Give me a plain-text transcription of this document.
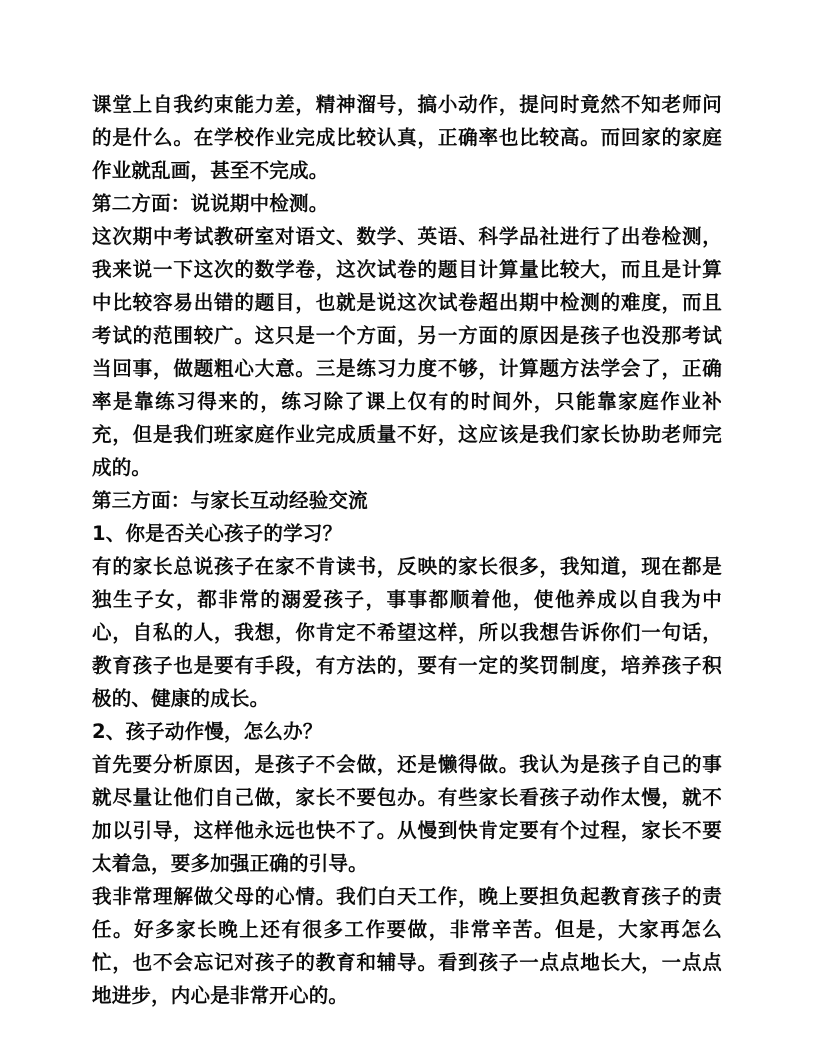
课堂上自我约束能力差，精神溜号，搞小动作，提问时竟然不知老师问的是什么。在学校作业完成比较认真，正确率也比较高。而回家的家庭作业就乱画，甚至不完成。

第二方面：说说期中检测。

这次期中考试教研室对语文、数学、英语、科学品社进行了出卷检测，我来说一下这次的数学卷，这次试卷的题目计算量比较大，而且是计算中比较容易出错的题目，也就是说这次试卷超出期中检测的难度，而且考试的范围较广。这只是一个方面，另一方面的原因是孩子也没那考试当回事，做题粗心大意。三是练习力度不够，计算题方法学会了，正确率是靠练习得来的，练习除了课上仅有的时间外，只能靠家庭作业补充，但是我们班家庭作业完成质量不好，这应该是我们家长协助老师完成的。

第三方面：与家长互动经验交流

1、你是否关心孩子的学习？

有的家长总说孩子在家不肯读书，反映的家长很多，我知道，现在都是独生子女，都非常的溺爱孩子，事事都顺着他，使他养成以自我为中心，自私的人，我想，你肯定不希望这样，所以我想告诉你们一句话，教育孩子也是要有手段，有方法的，要有一定的奖罚制度，培养孩子积极的、健康的成长。

2、孩子动作慢，怎么办？

首先要分析原因，是孩子不会做，还是懒得做。我认为是孩子自己的事就尽量让他们自己做，家长不要包办。有些家长看孩子动作太慢，就不加以引导，这样他永远也快不了。从慢到快肯定要有个过程，家长不要太着急，要多加强正确的引导。

我非常理解做父母的心情。我们白天工作，晚上要担负起教育孩子的责任。好多家长晚上还有很多工作要做，非常辛苦。但是，大家再怎么忙，也不会忘记对孩子的教育和辅导。看到孩子一点点地长大，一点点地进步，内心是非常开心的。
